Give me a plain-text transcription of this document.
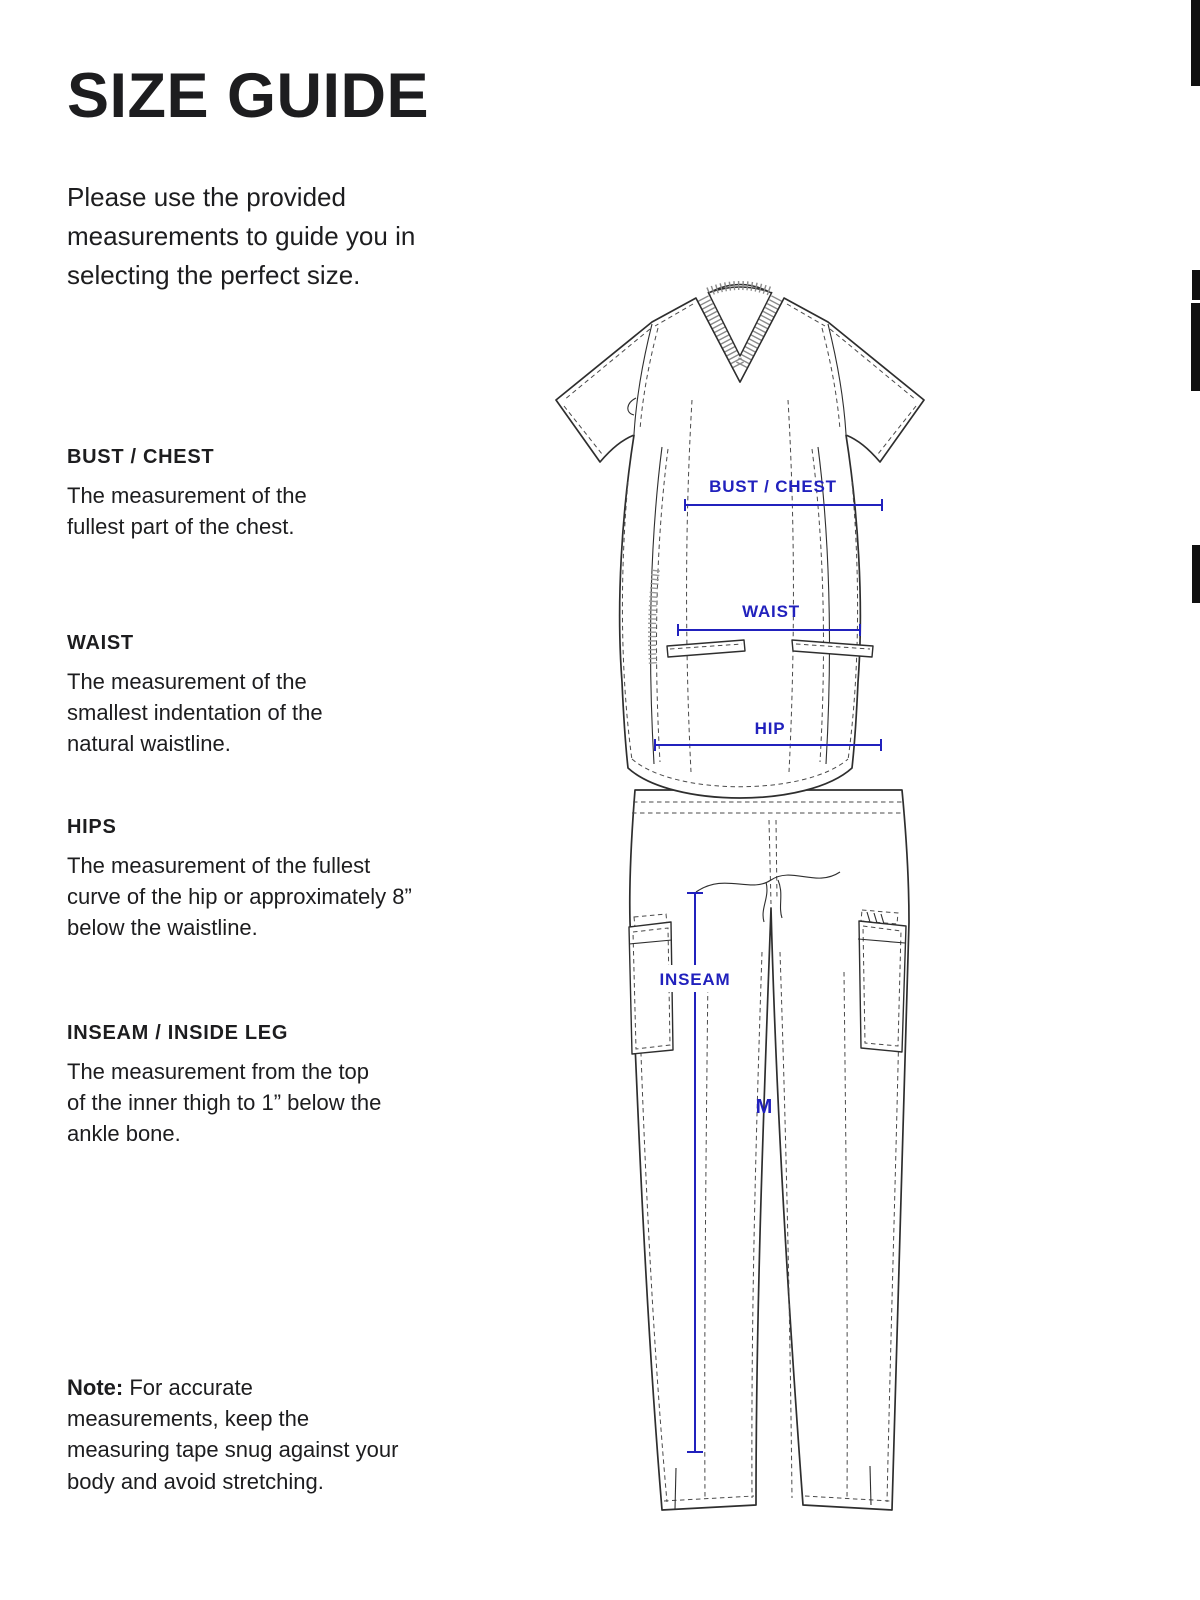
SIZE GUIDE

Please use the provided measurements to guide you in selecting the perfect size.

BUST / CHEST

The measurement of the fullest part of the chest.

WAIST

The measurement of the smallest indentation of the natural waistline.

HIPS

The measurement of the fullest curve of the hip or approximately 8” below the waistline.

INSEAM / INSIDE LEG

The measurement from the top of the inner thigh to 1” below the ankle bone.

Note: For accurate measurements, keep the measuring tape snug against your body and avoid stretching.

BUST / CHEST
WAIST
HIP
INSEAM
M
